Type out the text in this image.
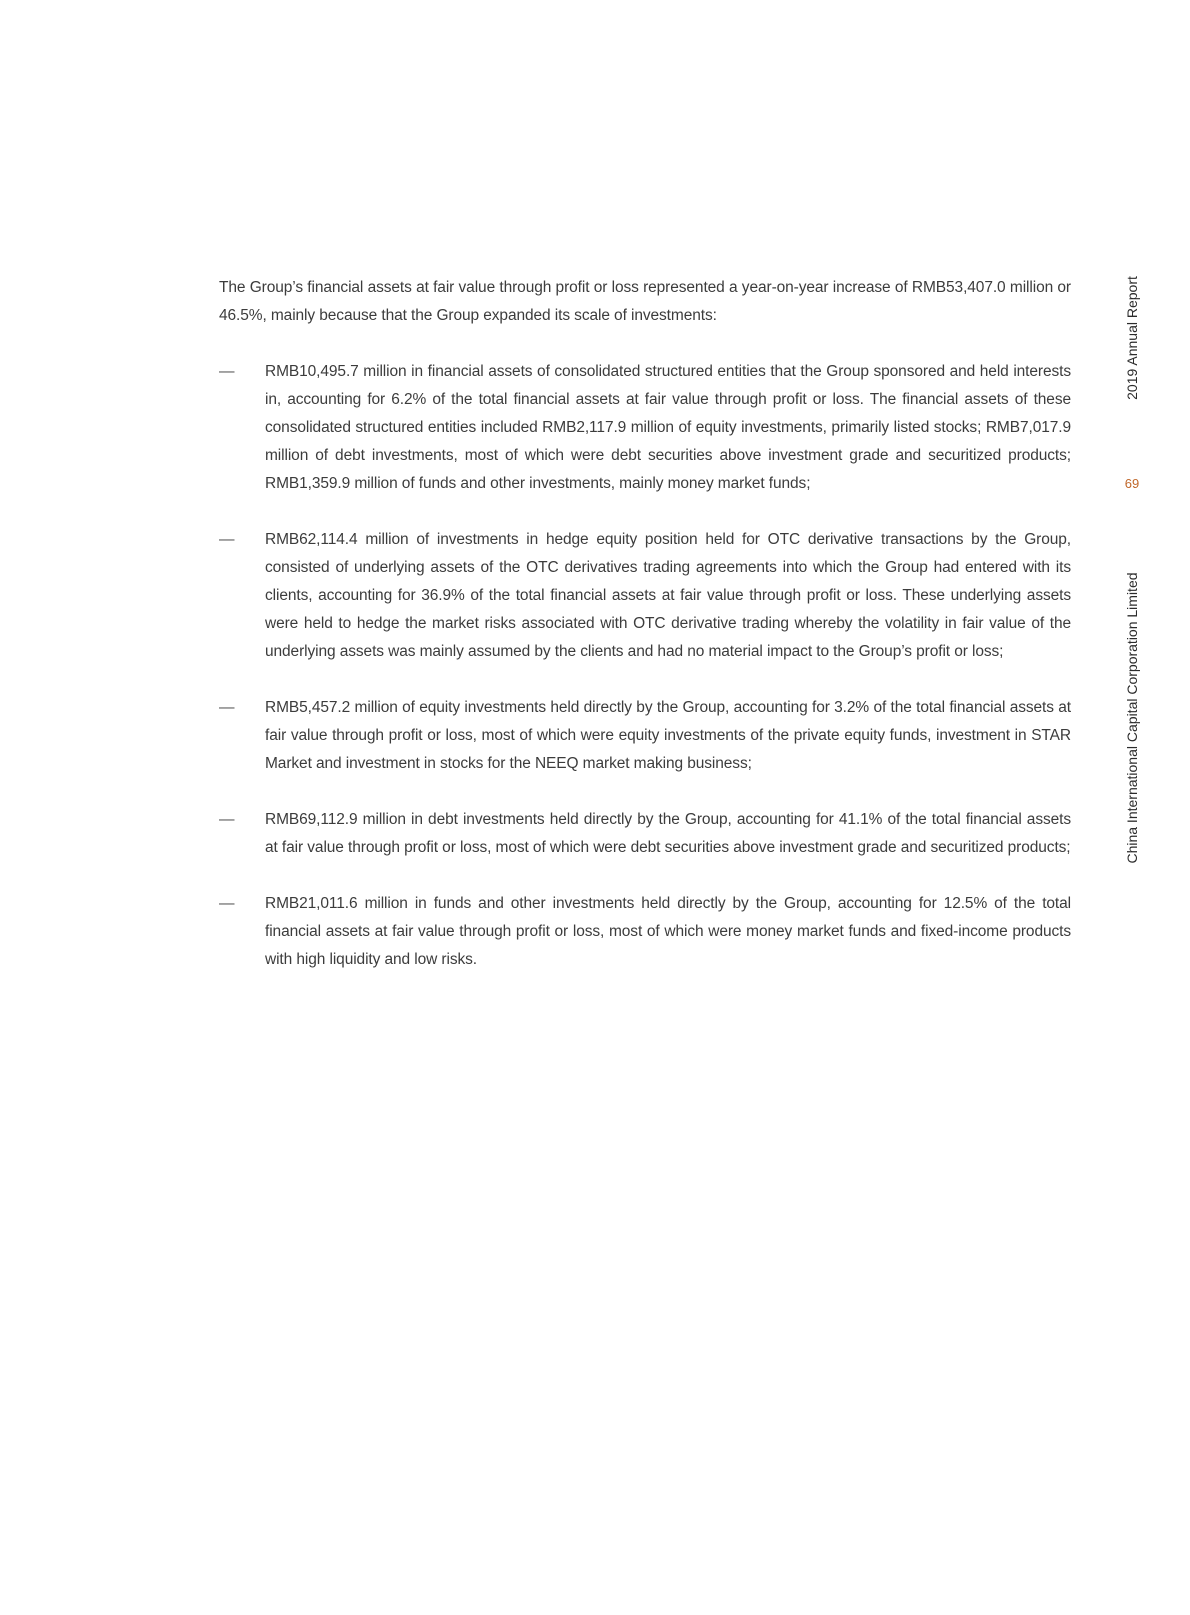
The Group’s financial assets at fair value through profit or loss represented a year-on-year increase of RMB53,407.0 million or 46.5%, mainly because that the Group expanded its scale of investments:

—	RMB10,495.7 million in financial assets of consolidated structured entities that the Group sponsored and held interests in, accounting for 6.2% of the total financial assets at fair value through profit or loss. The financial assets of these consolidated structured entities included RMB2,117.9 million of equity investments, primarily listed stocks; RMB7,017.9 million of debt investments, most of which were debt securities above investment grade and securitized products; RMB1,359.9 million of funds and other investments, mainly money market funds;
—	RMB62,114.4 million of investments in hedge equity position held for OTC derivative transactions by the Group, consisted of underlying assets of the OTC derivatives trading agreements into which the Group had entered with its clients, accounting for 36.9% of the total financial assets at fair value through profit or loss. These underlying assets were held to hedge the market risks associated with OTC derivative trading whereby the volatility in fair value of the underlying assets was mainly assumed by the clients and had no material impact to the Group’s profit or loss;
—	RMB5,457.2 million of equity investments held directly by the Group, accounting for 3.2% of the total financial assets at fair value through profit or loss, most of which were equity investments of the private equity funds, investment in STAR Market and investment in stocks for the NEEQ market making business;
—	RMB69,112.9 million in debt investments held directly by the Group, accounting for 41.1% of the total financial assets at fair value through profit or loss, most of which were debt securities above investment grade and securitized products;
—	RMB21,011.6 million in funds and other investments held directly by the Group, accounting for 12.5% of the total financial assets at fair value through profit or loss, most of which were money market funds and fixed-income products with high liquidity and low risks.
2019 Annual Report
69
China International Capital Corporation Limited
